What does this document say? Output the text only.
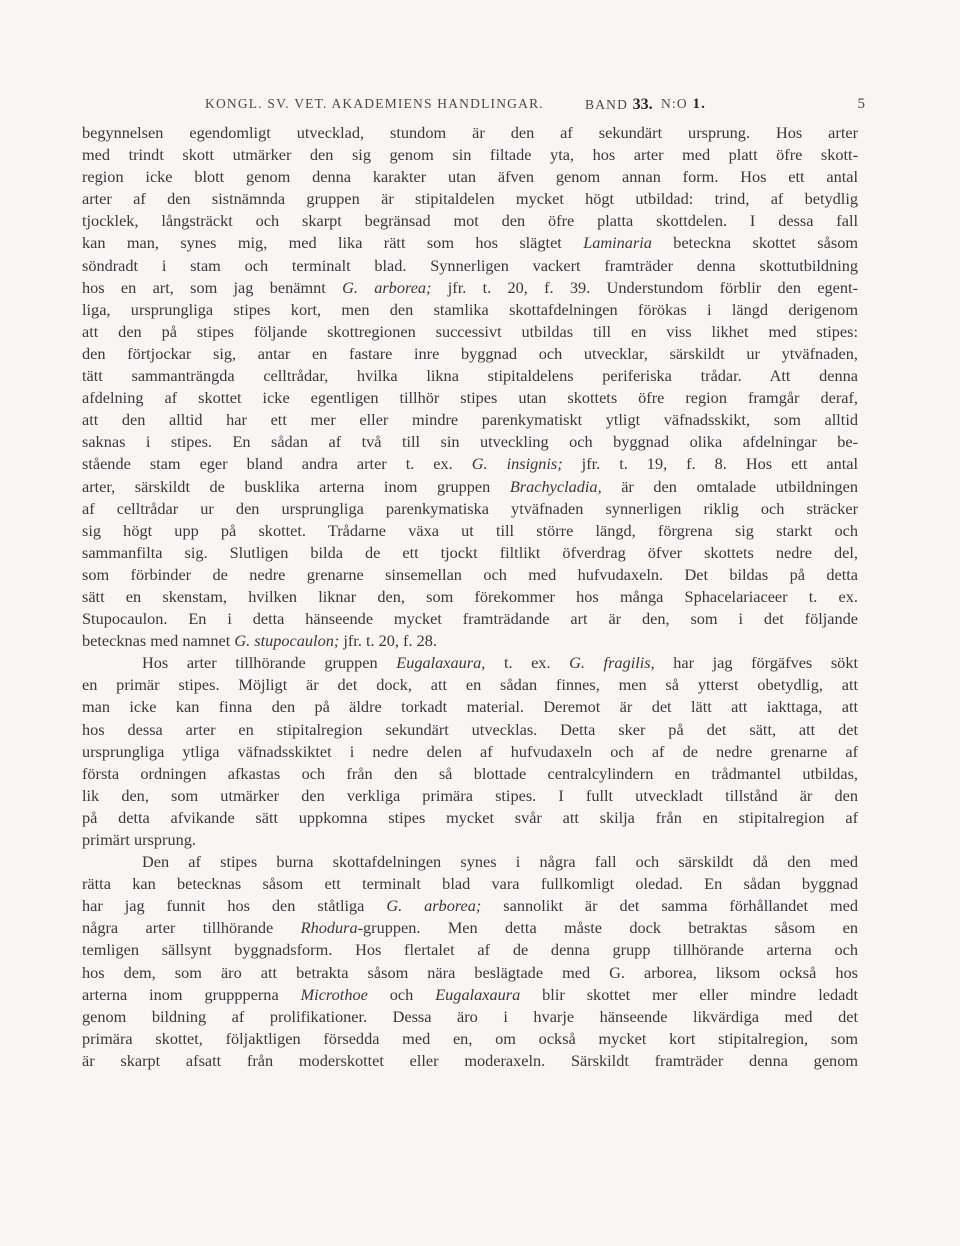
KONGL. SV. VET. AKADEMIENS HANDLINGAR.	BAND 33. N:O 1.	5
begynnelsen egendomligt utvecklad, stundom är den af sekundärt ursprung. Hos arter
med trindt skott utmärker den sig genom sin filtade yta, hos arter med platt öfre skott-
region icke blott genom denna karakter utan äfven genom annan form. Hos ett antal
arter af den sistnämnda gruppen är stipitaldelen mycket högt utbildad: trind, af betydlig
tjocklek, långsträckt och skarpt begränsad mot den öfre platta skottdelen. I dessa fall
kan man, synes mig, med lika rätt som hos slägtet Laminaria beteckna skottet såsom
söndradt i stam och terminalt blad. Synnerligen vackert framträder denna skottutbildning
hos en art, som jag benämnt G. arborea; jfr. t. 20, f. 39. Understundom förblir den egent-
liga, ursprungliga stipes kort, men den stamlika skottafdelningen förökas i längd derigenom
att den på stipes följande skottregionen successivt utbildas till en viss likhet med stipes:
den förtjockar sig, antar en fastare inre byggnad och utvecklar, särskildt ur ytväfnaden,
tätt sammanträngda celltrådar, hvilka likna stipitaldelens periferiska trådar. Att denna
afdelning af skottet icke egentligen tillhör stipes utan skottets öfre region framgår deraf,
att den alltid har ett mer eller mindre parenkymatiskt ytligt väfnadsskikt, som alltid
saknas i stipes. En sådan af två till sin utveckling och byggnad olika afdelningar be-
stående stam eger bland andra arter t. ex. G. insignis; jfr. t. 19, f. 8. Hos ett antal
arter, särskildt de busklika arterna inom gruppen Brachycladia, är den omtalade utbildningen
af celltrådar ur den ursprungliga parenkymatiska ytväfnaden synnerligen riklig och sträcker
sig högt upp på skottet. Trådarne växa ut till större längd, förgrena sig starkt och
sammanfilta sig. Slutligen bilda de ett tjockt filtlikt öfverdrag öfver skottets nedre del,
som förbinder de nedre grenarne sinsemellan och med hufvudaxeln. Det bildas på detta
sätt en skenstam, hvilken liknar den, som förekommer hos många Sphacelariaceer t. ex.
Stupocaulon. En i detta hänseende mycket framträdande art är den, som i det följande
betecknas med namnet G. stupocaulon; jfr. t. 20, f. 28.
Hos arter tillhörande gruppen Eugalaxaura, t. ex. G. fragilis, har jag förgäfves sökt
en primär stipes. Möjligt är det dock, att en sådan finnes, men så ytterst obetydlig, att
man icke kan finna den på äldre torkadt material. Deremot är det lätt att iakttaga, att
hos dessa arter en stipitalregion sekundärt utvecklas. Detta sker på det sätt, att det
ursprungliga ytliga väfnadsskiktet i nedre delen af hufvudaxeln och af de nedre grenarne af
första ordningen afkastas och från den så blottade centralcylindern en trådmantel utbildas,
lik den, som utmärker den verkliga primära stipes. I fullt utveckladt tillstånd är den
på detta afvikande sätt uppkomna stipes mycket svår att skilja från en stipitalregion af
primärt ursprung.
Den af stipes burna skottafdelningen synes i några fall och särskildt då den med
rätta kan betecknas såsom ett terminalt blad vara fullkomligt oledad. En sådan byggnad
har jag funnit hos den ståtliga G. arborea; sannolikt är det samma förhållandet med
några arter tillhörande Rhodura-gruppen. Men detta måste dock betraktas såsom en
temligen sällsynt byggnadsform. Hos flertalet af de denna grupp tillhörande arterna och
hos dem, som äro att betrakta såsom nära beslägtade med G. arborea, liksom också hos
arterna inom gruppperna Microthoe och Eugalaxaura blir skottet mer eller mindre ledadt
genom bildning af prolifikationer. Dessa äro i hvarje hänseende likvärdiga med det
primära skottet, följaktligen försedda med en, om också mycket kort stipitalregion, som
är skarpt afsatt från moderskottet eller moderaxeln. Särskildt framträder denna genom
